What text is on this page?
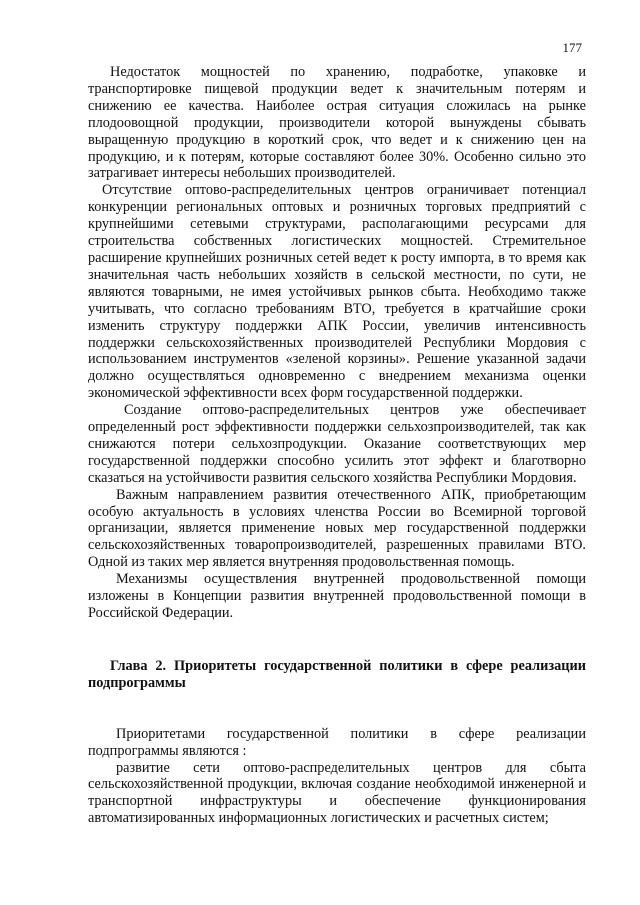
177

Недостаток мощностей по хранению, подработке, упаковке и транспортировке пищевой продукции ведет к значительным потерям и снижению ее качества. Наиболее острая ситуация сложилась на рынке плодоовощной продукции, производители которой вынуждены сбывать выращенную продукцию в короткий срок, что ведет и к снижению цен на продукцию, и к потерям, которые составляют более 30%. Особенно сильно это затрагивает интересы небольших производителей.

Отсутствие оптово-распределительных центров ограничивает потенциал конкуренции региональных оптовых и розничных торговых предприятий с крупнейшими сетевыми структурами, располагающими ресурсами для строительства собственных логистических мощностей. Стремительное расширение крупнейших розничных сетей ведет к росту импорта, в то время как значительная часть небольших хозяйств в сельской местности, по сути, не являются товарными, не имея устойчивых рынков сбыта. Необходимо также учитывать, что согласно требованиям ВТО, требуется в кратчайшие сроки изменить структуру поддержки АПК России, увеличив интенсивность поддержки сельскохозяйственных производителей Республики Мордовия с использованием инструментов «зеленой корзины». Решение указанной задачи должно осуществляться одновременно с внедрением механизма оценки экономической эффективности всех форм государственной поддержки.

Создание оптово-распределительных центров уже обеспечивает определенный рост эффективности поддержки сельхозпроизводителей, так как снижаются потери сельхозпродукции. Оказание соответствующих мер государственной поддержки способно усилить этот эффект и благотворно сказаться на устойчивости развития сельского хозяйства Республики Мордовия.

Важным направлением развития отечественного АПК, приобретающим особую актуальность в условиях членства России во Всемирной торговой организации, является применение новых мер государственной поддержки сельскохозяйственных товаропроизводителей, разрешенных правилами ВТО. Одной из таких мер является внутренняя продовольственная помощь.

Механизмы осуществления внутренней продовольственной помощи изложены в Концепции развития внутренней продовольственной помощи в Российской Федерации.

Глава 2. Приоритеты государственной политики в сфере реализации подпрограммы

Приоритетами государственной политики в сфере реализации подпрограммы являются :

развитие сети оптово-распределительных центров для сбыта сельскохозяйственной продукции, включая создание необходимой инженерной и транспортной инфраструктуры и обеспечение функционирования автоматизированных информационных логистических и расчетных систем;
